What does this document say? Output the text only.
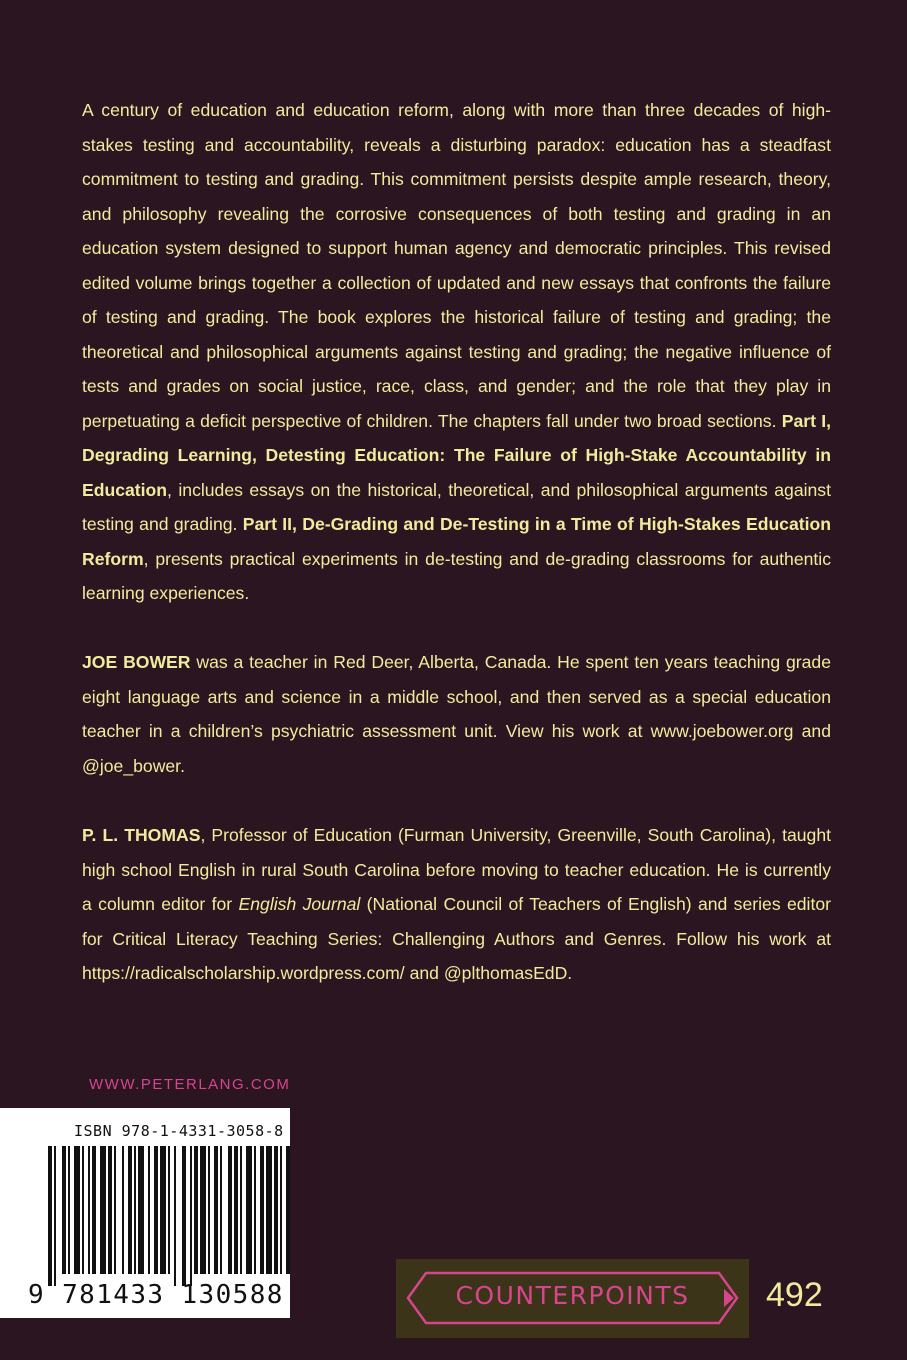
A century of education and education reform, along with more than three decades of high-stakes testing and accountability, reveals a disturbing paradox: education has a steadfast commitment to testing and grading. This commitment persists despite ample research, theory, and philosophy revealing the corrosive consequences of both testing and grading in an education system designed to support human agency and democratic principles. This revised edited volume brings together a collection of updated and new essays that confronts the failure of testing and grading. The book explores the historical failure of testing and grading; the theoretical and philosophical arguments against testing and grading; the negative influence of tests and grades on social justice, race, class, and gender; and the role that they play in perpetuating a deficit perspective of children. The chapters fall under two broad sections. Part I, Degrading Learning, Detesting Education: The Failure of High-Stake Accountability in Education, includes essays on the historical, theoretical, and philosophical arguments against testing and grading. Part II, De-Grading and De-Testing in a Time of High-Stakes Education Reform, presents practical experiments in de-testing and de-grading classrooms for authentic learning experiences.

JOE BOWER was a teacher in Red Deer, Alberta, Canada. He spent ten years teaching grade eight language arts and science in a middle school, and then served as a special education teacher in a children’s psychiatric assessment unit. View his work at www.joebower.org and @joe_bower.

P. L. THOMAS, Professor of Education (Furman University, Greenville, South Carolina), taught high school English in rural South Carolina before moving to teacher education. He is currently a column editor for English Journal (National Council of Teachers of English) and series editor for Critical Literacy Teaching Series: Challenging Authors and Genres. Follow his work at https://radicalscholarship.wordpress.com/ and @plthomasEdD.

WWW.PETERLANG.COM
ISBN 978-1-4331-3058-8
9 781433 130588	COUNTERPOINTS	492
